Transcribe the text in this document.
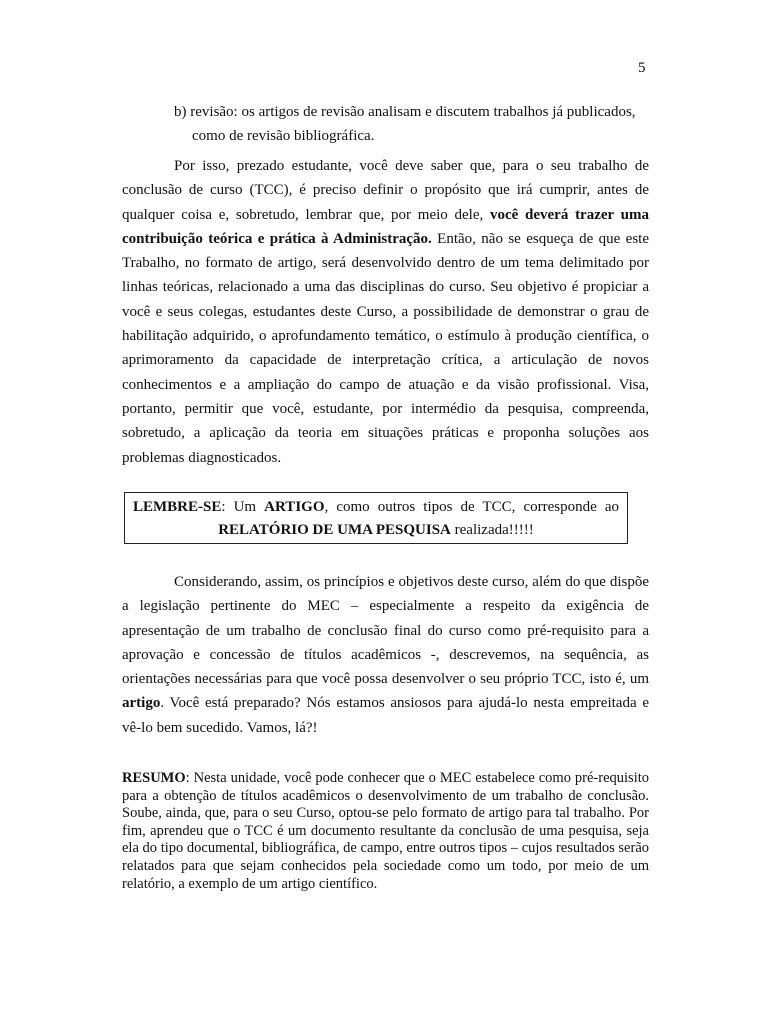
5
b) revisão: os artigos de revisão analisam e discutem trabalhos já publicados,
como de revisão bibliográfica.

Por isso, prezado estudante, você deve saber que, para o seu trabalho de conclusão de curso (TCC), é preciso definir o propósito que irá cumprir, antes de qualquer coisa e, sobretudo, lembrar que, por meio dele, você deverá trazer uma contribuição teórica e prática à Administração. Então, não se esqueça de que este Trabalho, no formato de artigo, será desenvolvido dentro de um tema delimitado por linhas teóricas, relacionado a uma das disciplinas do curso. Seu objetivo é propiciar a você e seus colegas, estudantes deste Curso, a possibilidade de demonstrar o grau de habilitação adquirido, o aprofundamento temático, o estímulo à produção científica, o aprimoramento da capacidade de interpretação crítica, a articulação de novos conhecimentos e a ampliação do campo de atuação e da visão profissional. Visa, portanto, permitir que você, estudante, por intermédio da pesquisa, compreenda, sobretudo, a aplicação da teoria em situações práticas e proponha soluções aos problemas diagnosticados.

LEMBRE-SE: Um ARTIGO, como outros tipos de TCC, corresponde ao
RELATÓRIO DE UMA PESQUISA realizada!!!!!

Considerando, assim, os princípios e objetivos deste curso, além do que dispõe a legislação pertinente do MEC – especialmente a respeito da exigência de apresentação de um trabalho de conclusão final do curso como pré-requisito para a aprovação e concessão de títulos acadêmicos -, descrevemos, na sequência, as orientações necessárias para que você possa desenvolver o seu próprio TCC, isto é, um artigo. Você está preparado? Nós estamos ansiosos para ajudá-lo nesta empreitada e vê-lo bem sucedido. Vamos, lá?!

RESUMO: Nesta unidade, você pode conhecer que o MEC estabelece como pré-requisito para a obtenção de títulos acadêmicos o desenvolvimento de um trabalho de conclusão. Soube, ainda, que, para o seu Curso, optou-se pelo formato de artigo para tal trabalho. Por fim, aprendeu que o TCC é um documento resultante da conclusão de uma pesquisa, seja ela do tipo documental, bibliográfica, de campo, entre outros tipos – cujos resultados serão relatados para que sejam conhecidos pela sociedade como um todo, por meio de um relatório, a exemplo de um artigo científico.
